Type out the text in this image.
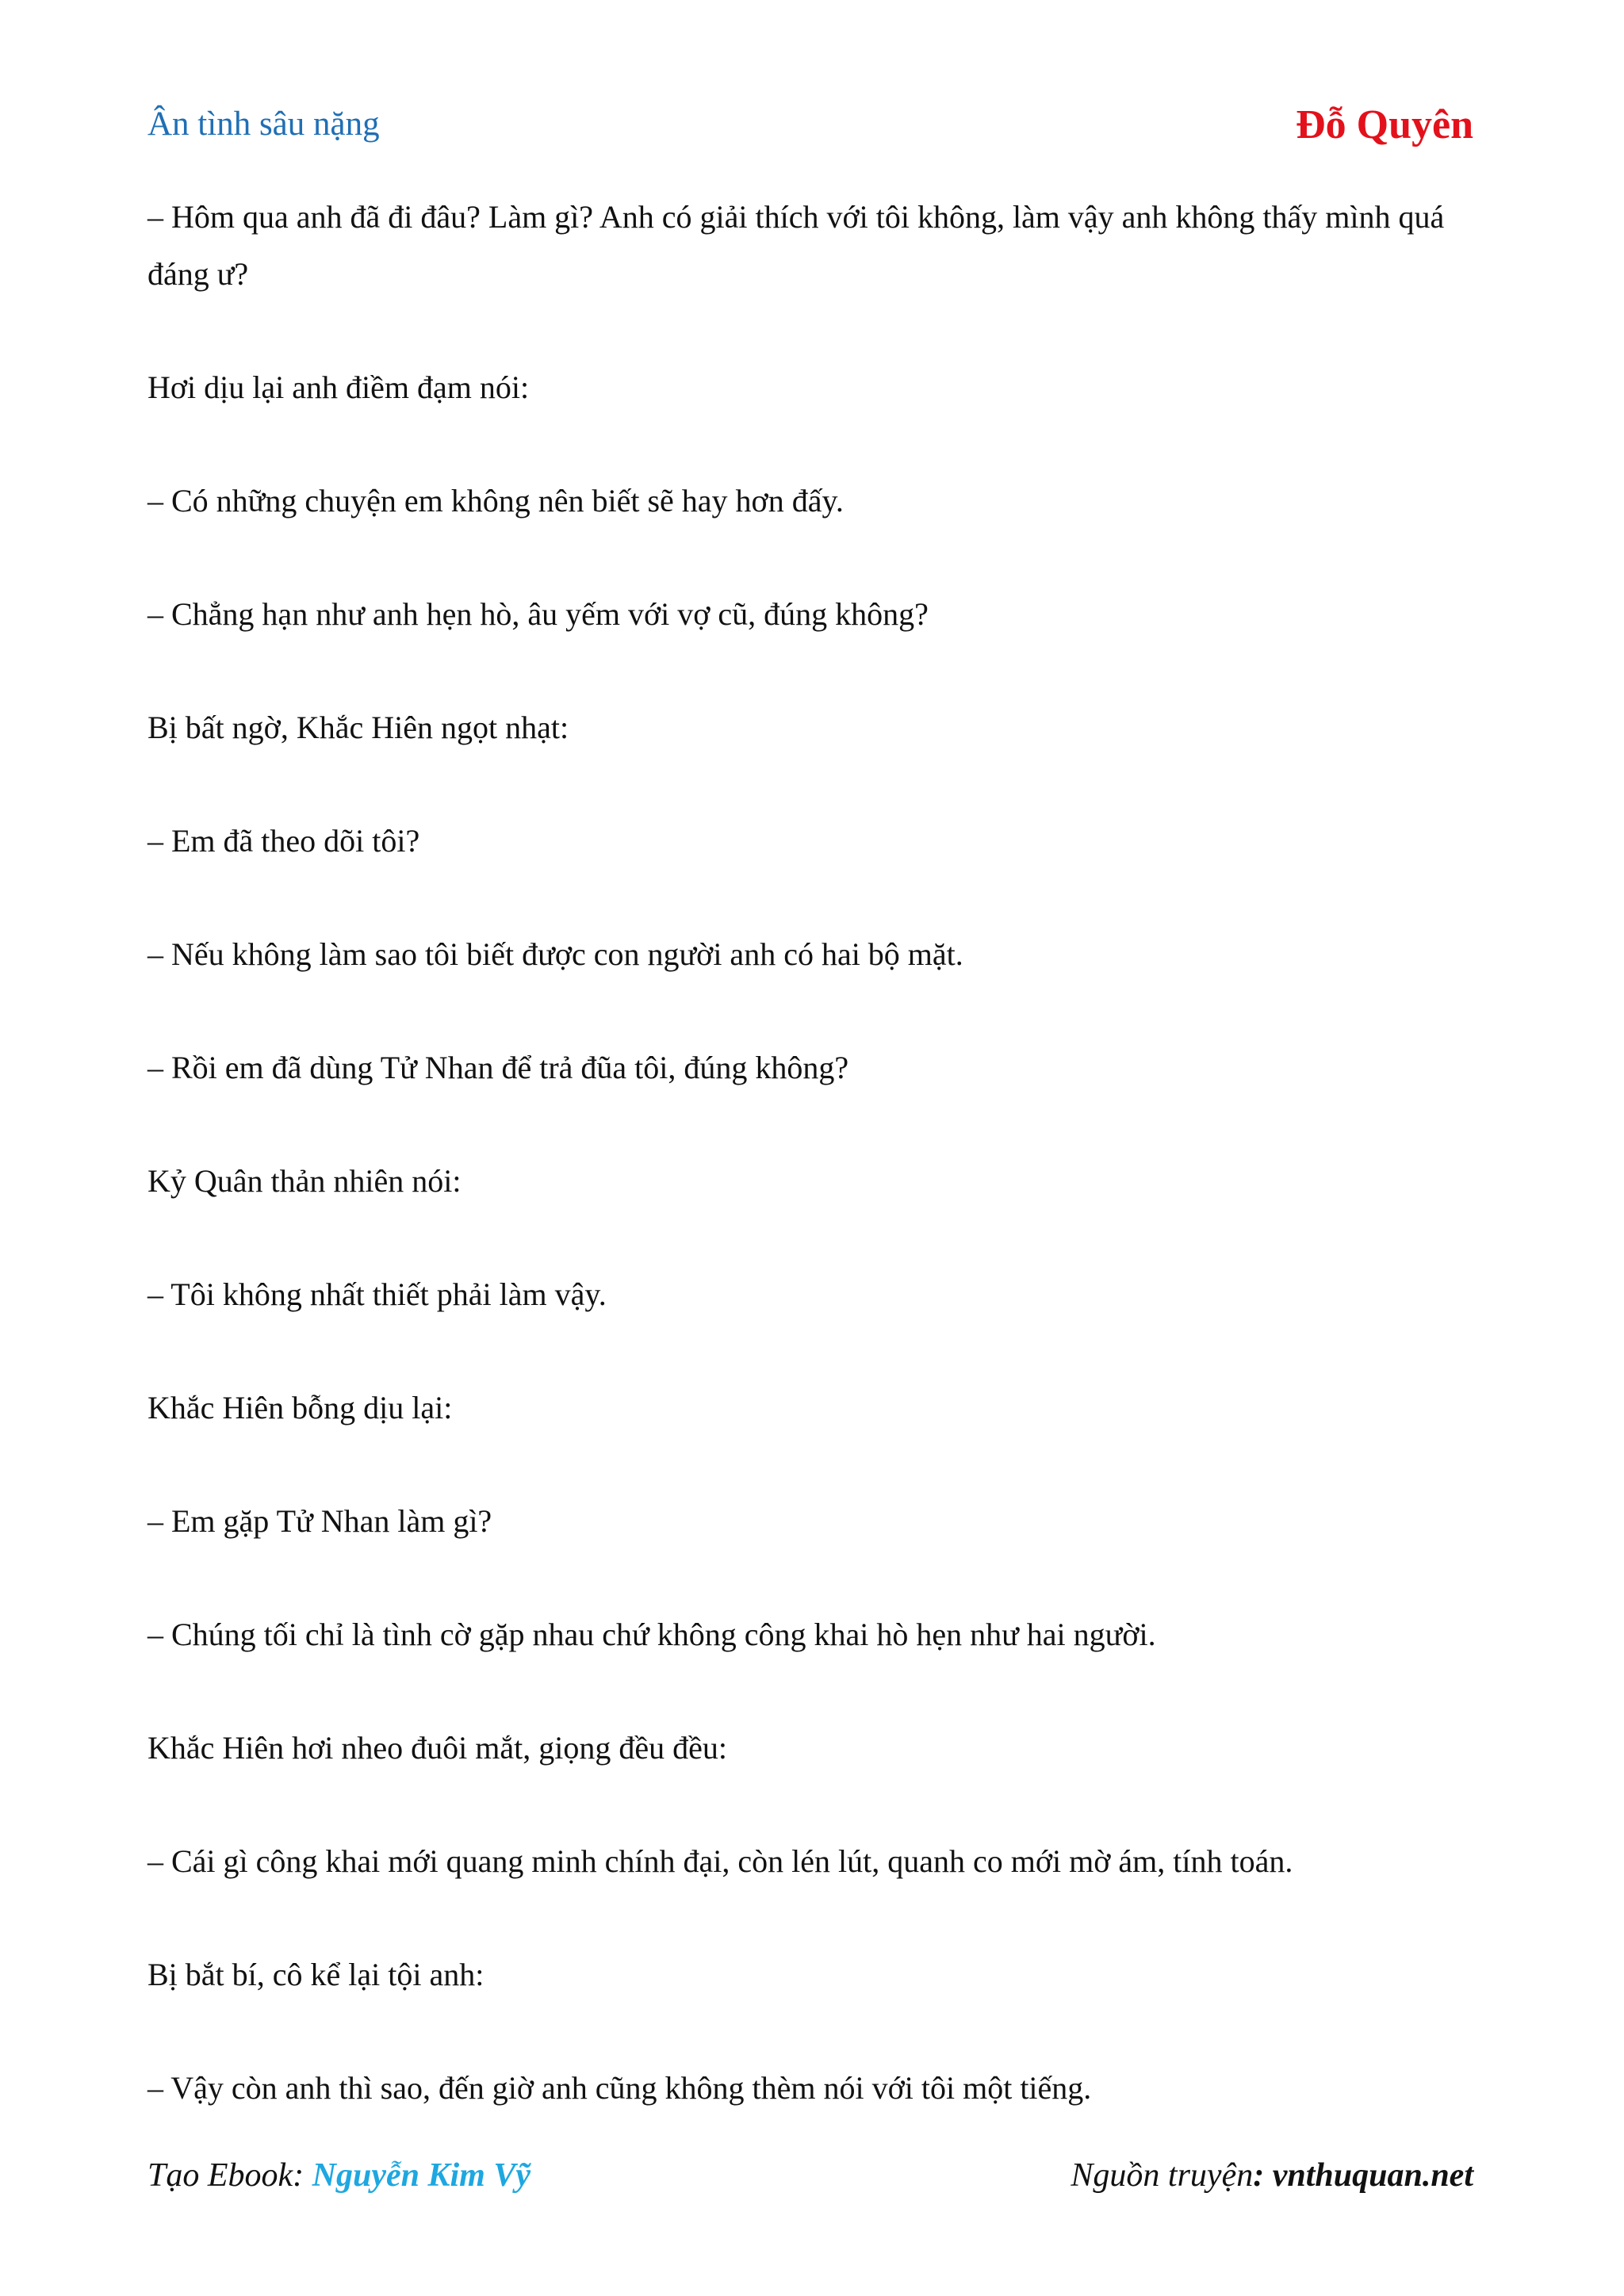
Ân tình sâu nặng	Đỗ Quyên

– Hôm qua anh đã đi đâu? Làm gì? Anh có giải thích với tôi không, làm vậy anh không thấy mình quá đáng ư?

Hơi dịu lại anh điềm đạm nói:

– Có những chuyện em không nên biết sẽ hay hơn đấy.

– Chẳng hạn như anh hẹn hò, âu yếm với vợ cũ, đúng không?

Bị bất ngờ, Khắc Hiên ngọt nhạt:

– Em đã theo dõi tôi?

– Nếu không làm sao tôi biết được con người anh có hai bộ mặt.

– Rồi em đã dùng Tử Nhan để trả đũa tôi, đúng không?

Kỷ Quân thản nhiên nói:

– Tôi không nhất thiết phải làm vậy.

Khắc Hiên bỗng dịu lại:

– Em gặp Tử Nhan làm gì?

– Chúng tối chỉ là tình cờ gặp nhau chứ không công khai hò hẹn như hai người.

Khắc Hiên hơi nheo đuôi mắt, giọng đều đều:

– Cái gì công khai mới quang minh chính đại, còn lén lút, quanh co mới mờ ám, tính toán.

Bị bắt bí, cô kể lại tội anh:

– Vậy còn anh thì sao, đến giờ anh cũng không thèm nói với tôi một tiếng.

Tạo Ebook: Nguyễn Kim Vỹ	Nguồn truyện: vnthuquan.net
